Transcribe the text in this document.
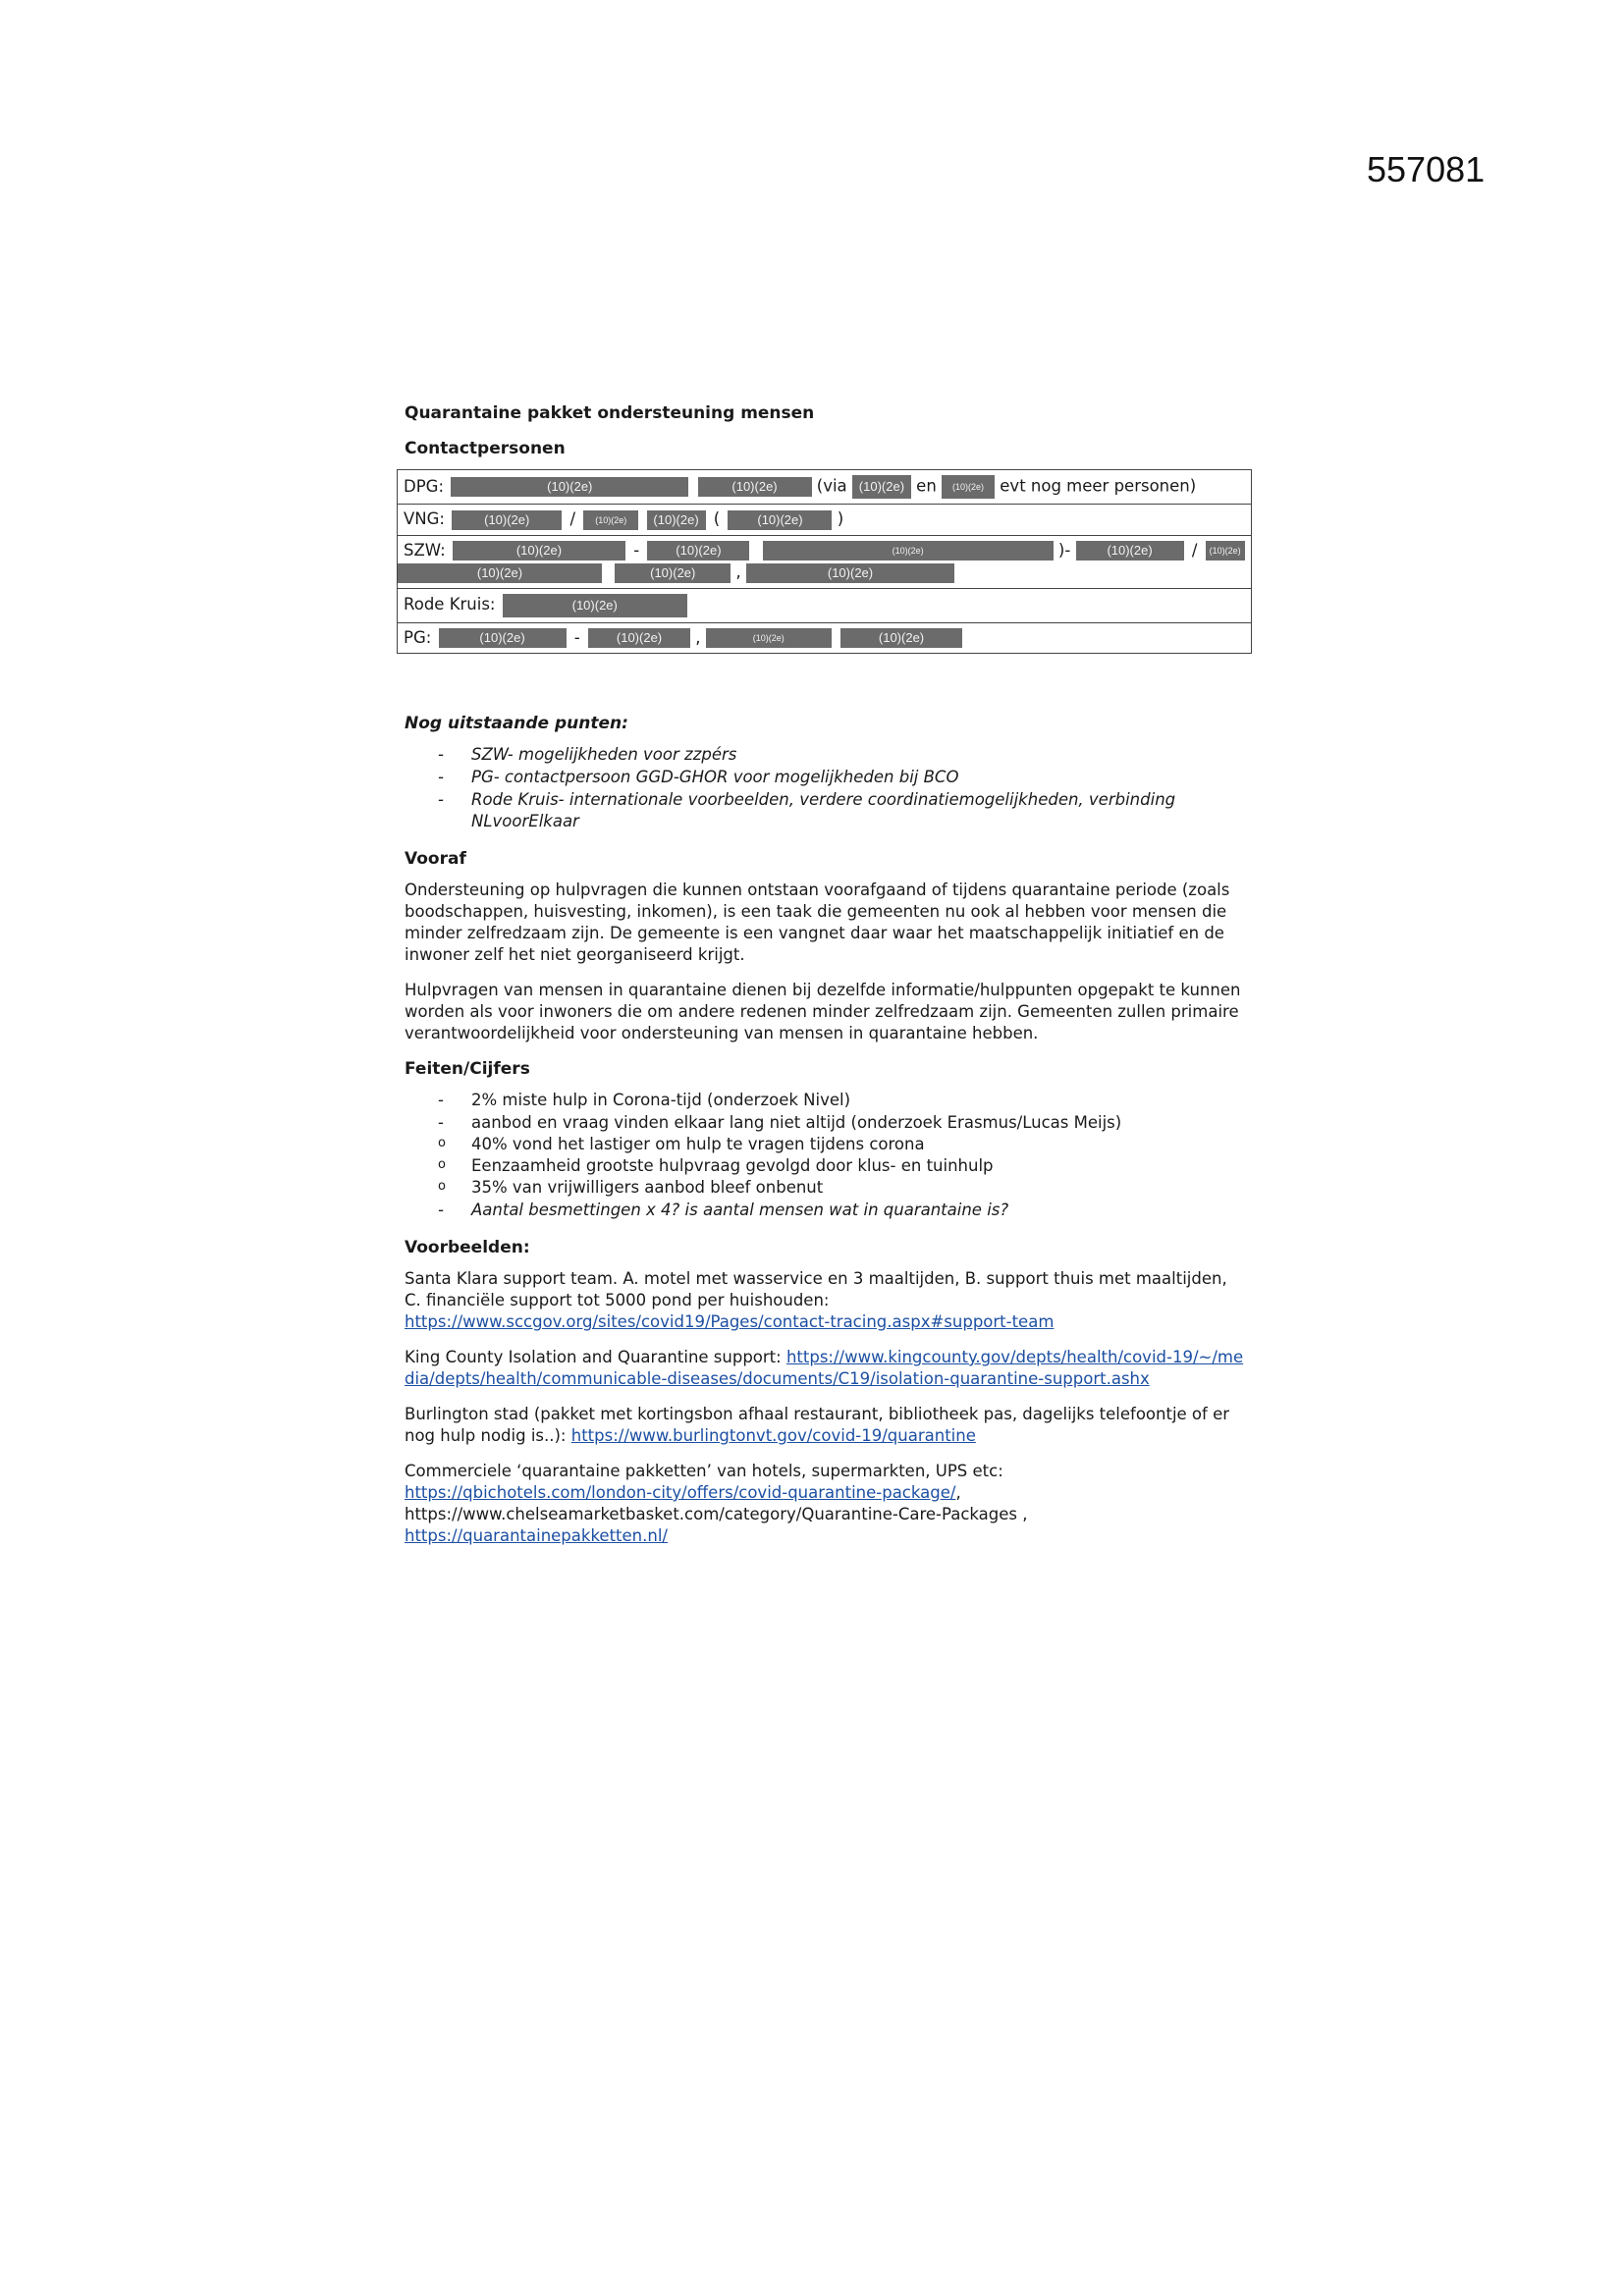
557081
Quarantaine pakket ondersteuning mensen
Contactpersonen
DPG:	(10)(2e)	(10)(2e) (via (10)(2e) en (10)(2e) evt nog meer personen)
VNG:	(10)(2e) / (10)(2e) (10)(2e) (	(10)(2e) )

SZW:	(10)(2e)	-	(10)(2e)	(10)(2e)	)-	(10)(2e) / (10)(2e)
(10)(2e)	(10)(2e) ,	(10)(2e)

Rode Kruis:	(10)(2e)
PG:	(10)(2e)	-	(10)(2e) ,	(10)(2e)	(10)(2e)
Nog uitstaande punten:
- SZW- mogelijkheden voor zzpérs
- PG- contactpersoon GGD-GHOR voor mogelijkheden bij BCO
- Rode Kruis- internationale voorbeelden, verdere coordinatiemogelijkheden, verbinding NLvoorElkaar
Vooraf

Ondersteuning op hulpvragen die kunnen ontstaan voorafgaand of tijdens quarantaine periode (zoals boodschappen, huisvesting, inkomen), is een taak die gemeenten nu ook al hebben voor mensen die minder zelfredzaam zijn. De gemeente is een vangnet daar waar het maatschappelijk initiatief en de inwoner zelf het niet georganiseerd krijgt.

Hulpvragen van mensen in quarantaine dienen bij dezelfde informatie/hulppunten opgepakt te kunnen worden als voor inwoners die om andere redenen minder zelfredzaam zijn. Gemeenten zullen primaire verantwoordelijkheid voor ondersteuning van mensen in quarantaine hebben.

Feiten/Cijfers
- 2% miste hulp in Corona-tijd (onderzoek Nivel)
- aanbod en vraag vinden elkaar lang niet altijd (onderzoek Erasmus/Lucas Meijs)
o 40% vond het lastiger om hulp te vragen tijdens corona
o Eenzaamheid grootste hulpvraag gevolgd door klus- en tuinhulp
o 35% van vrijwilligers aanbod bleef onbenut
- Aantal besmettingen x 4? is aantal mensen wat in quarantaine is?
Voorbeelden:

Santa Klara support team. A. motel met wasservice en 3 maaltijden, B. support thuis met maaltijden, C. financiële support tot 5000 pond per huishouden:
https://www.sccgov.org/sites/covid19/Pages/contact-tracing.aspx#support-team

King County Isolation and Quarantine support: https://www.kingcounty.gov/depts/health/covid-19/~/media/depts/health/communicable-diseases/documents/C19/isolation-quarantine-support.ashx

Burlington stad (pakket met kortingsbon afhaal restaurant, bibliotheek pas, dagelijks telefoontje of er nog hulp nodig is..): https://www.burlingtonvt.gov/covid-19/quarantine

Commerciele ‘quarantaine pakketten’ van hotels, supermarkten, UPS etc:
https://qbichotels.com/london-city/offers/covid-quarantine-package/,
https://www.chelseamarketbasket.com/category/Quarantine-Care-Packages ,
https://quarantainepakketten.nl/
